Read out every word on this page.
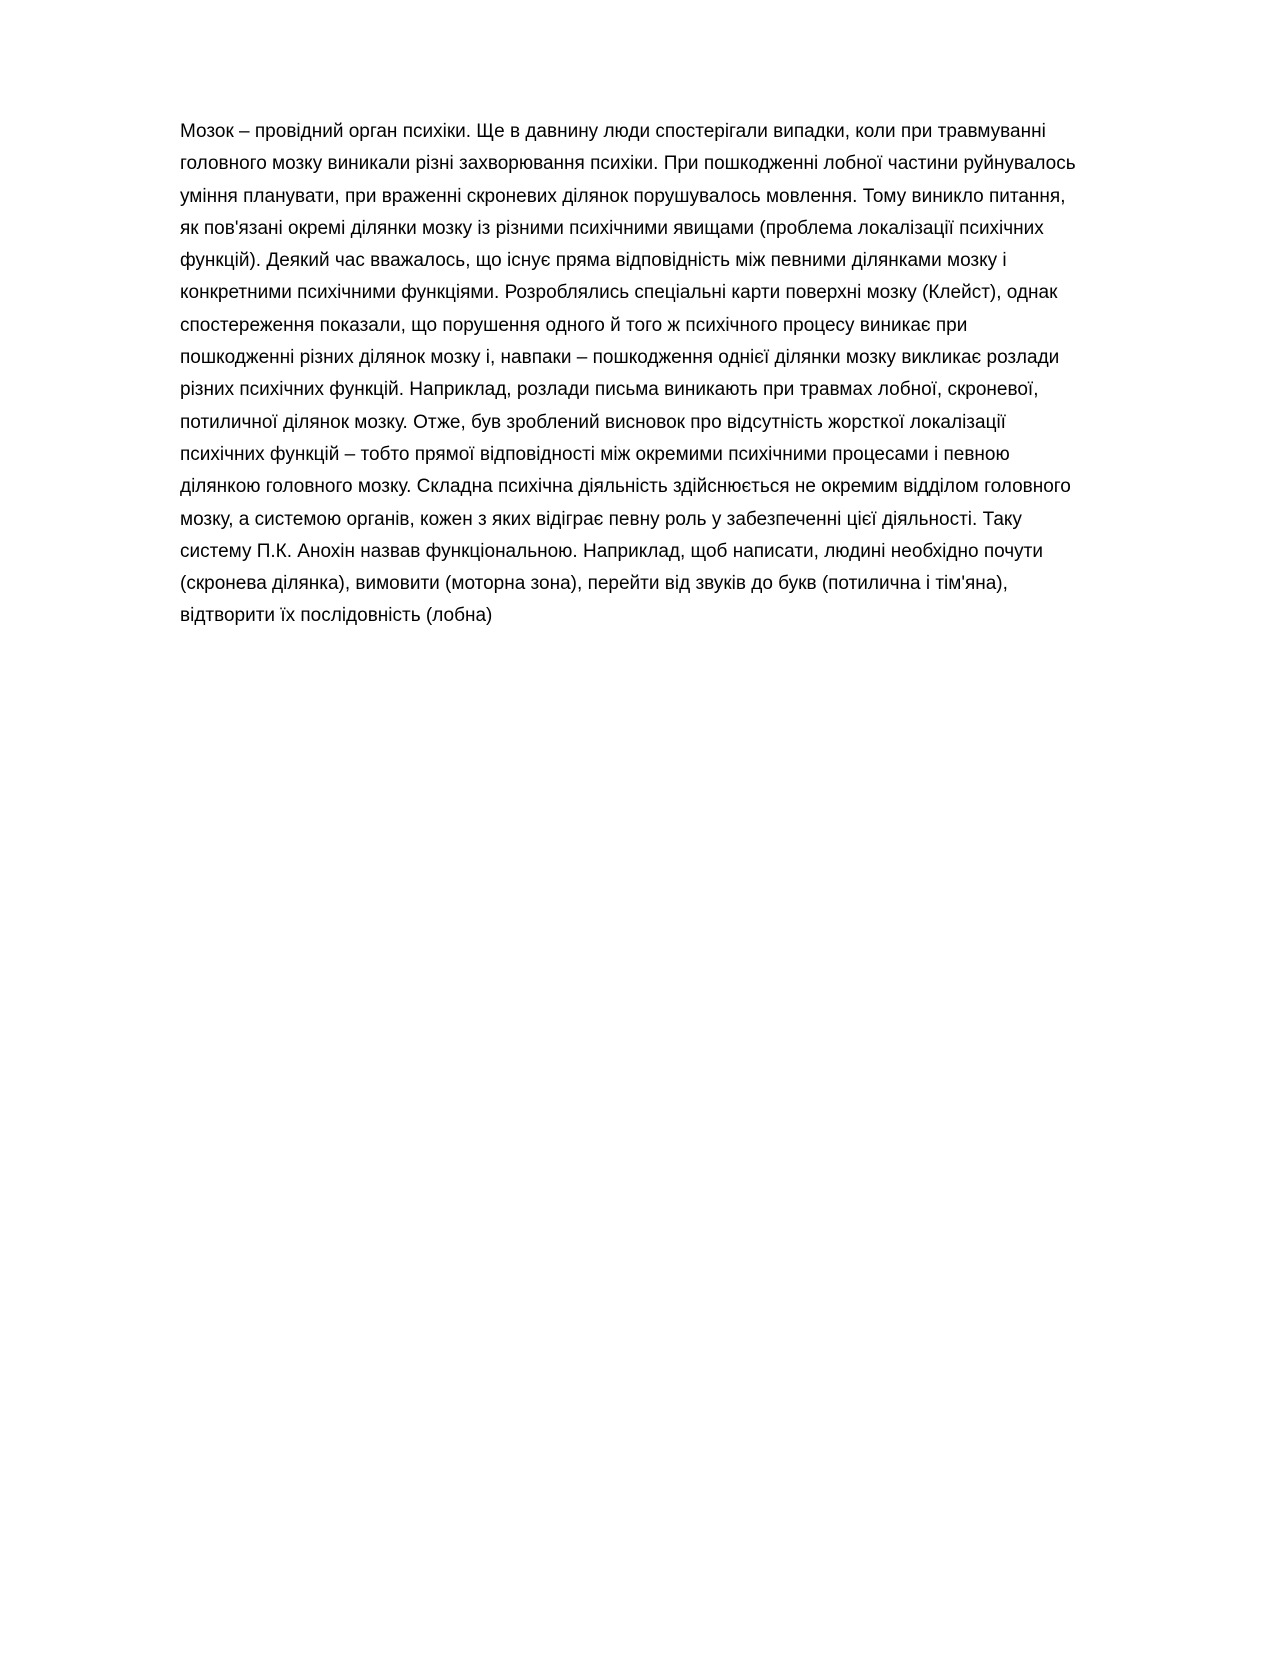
Мозок – провідний орган психіки. Ще в давнину люди спостерігали випадки, коли при травмуванні
головного мозку виникали різні захворювання психіки. При пошкодженні лобної частини руйнувалось
уміння планувати, при враженні скроневих ділянок порушувалось мовлення. Тому виникло питання,
як пов'язані окремі ділянки мозку із різними психічними явищами (проблема локалізації психічних
функцій). Деякий час вважалось, що існує пряма відповідність між певними ділянками мозку і
конкретними психічними функціями. Розроблялись спеціальні карти поверхні мозку (Клейст), однак
спостереження показали, що порушення одного й того ж психічного процесу виникає при
пошкодженні різних ділянок мозку і, навпаки – пошкодження однієї ділянки мозку викликає розлади
різних психічних функцій. Наприклад, розлади письма виникають при травмах лобної, скроневої,
потиличної ділянок мозку. Отже, був зроблений висновок про відсутність жорсткої локалізації
психічних функцій – тобто прямої відповідності між окремими психічними процесами і певною
ділянкою головного мозку. Складна психічна діяльність здійснюється не окремим відділом головного
мозку, а системою органів, кожен з яких відіграє певну роль у забезпеченні цієї діяльності. Таку
систему П.К. Анохін назвав функціональною. Наприклад, щоб написати, людині необхідно почути
(скронева ділянка), вимовити (моторна зона), перейти від звуків до букв (потилична і тім'яна),
відтворити їх послідовність (лобна)
